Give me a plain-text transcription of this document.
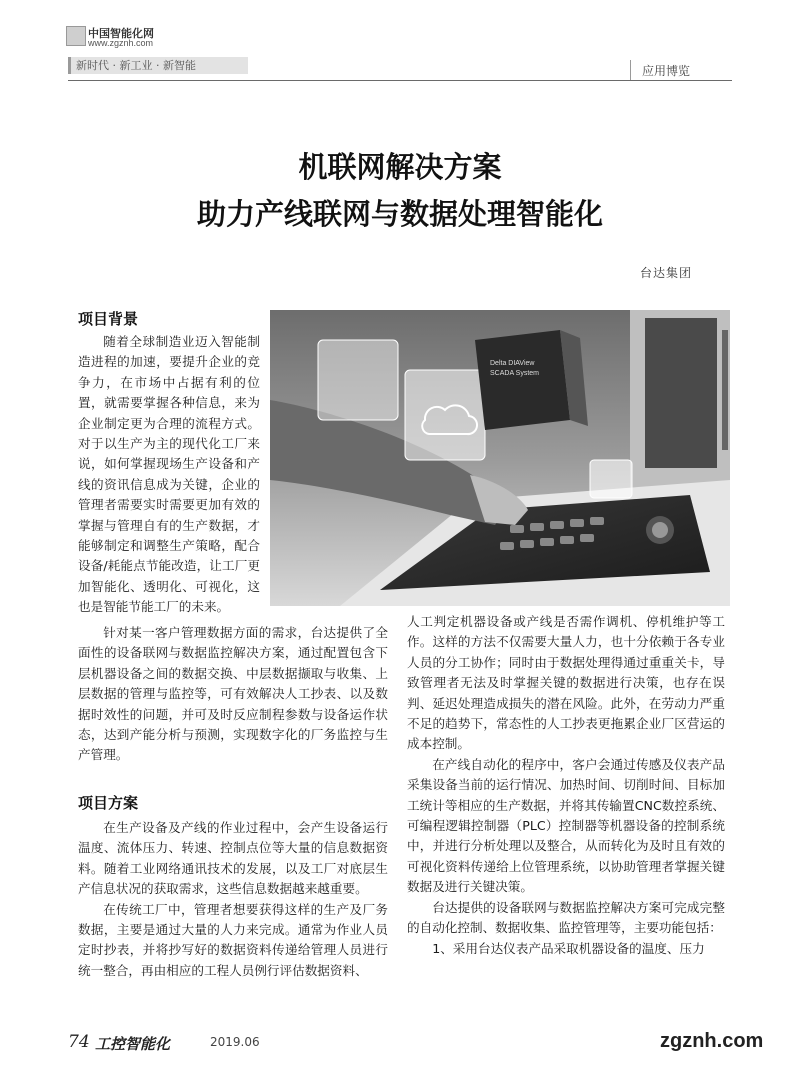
中国智能化网
www.zgznh.com
新时代 · 新工业 · 新智能	应用博览
机联网解决方案
助力产线联网与数据处理智能化
台达集团
项目背景

随着全球制造业迈入智能制造进程的加速，要提升企业的竞争力，在市场中占据有利的位置，就需要掌握各种信息，来为企业制定更为合理的流程方式。对于以生产为主的现代化工厂来说，如何掌握现场生产设备和产线的资讯信息成为关键，企业的管理者需要实时需要更加有效的掌握与管理自有的生产数据，才能够制定和调整生产策略，配合设备/耗能点节能改造，让工厂更加智能化、透明化、可视化，这也是智能节能工厂的未来。

针对某一客户管理数据方面的需求，台达提供了全面性的设备联网与数据监控解决方案，通过配置包含下层机器设备之间的数据交换、中层数据撷取与收集、上层数据的管理与监控等，可有效解决人工抄表、以及数据时效性的问题，并可及时反应制程参数与设备运作状态，达到产能分析与预测，实现数字化的厂务监控与生产管理。

项目方案

在生产设备及产线的作业过程中，会产生设备运行温度、流体压力、转速、控制点位等大量的信息数据资料。随着工业网络通讯技术的发展，以及工厂对底层生产信息状况的获取需求，这些信息数据越来越重要。

在传统工厂中，管理者想要获得这样的生产及厂务数据，主要是通过大量的人力来完成。通常为作业人员定时抄表，并将抄写好的数据资料传递给管理人员进行统一整合，再由相应的工程人员例行评估数据资料、

人工判定机器设备或产线是否需作调机、停机维护等工作。这样的方法不仅需要大量人力，也十分依赖于各专业人员的分工协作；同时由于数据处理得通过重重关卡，导致管理者无法及时掌握关键的数据进行决策，也存在误判、延迟处理造成损失的潜在风险。此外，在劳动力严重不足的趋势下，常态性的人工抄表更拖累企业厂区营运的成本控制。

在产线自动化的程序中，客户会通过传感及仪表产品采集设备当前的运行情况、加热时间、切削时间、目标加工统计等相应的生产数据，并将其传输置CNC数控系统、可编程逻辑控制器（PLC）控制器等机器设备的控制系统中，并进行分析处理以及整合，从而转化为及时且有效的可视化资料传递给上位管理系统，以协助管理者掌握关键数据及进行关键决策。

台达提供的设备联网与数据监控解决方案可完成完整的自动化控制、数据收集、监控管理等，主要功能包括：

1、采用台达仪表产品采取机器设备的温度、压力

Delta DIAView
SCADA System
74 工控智能化	2019.06	zgznh.com
